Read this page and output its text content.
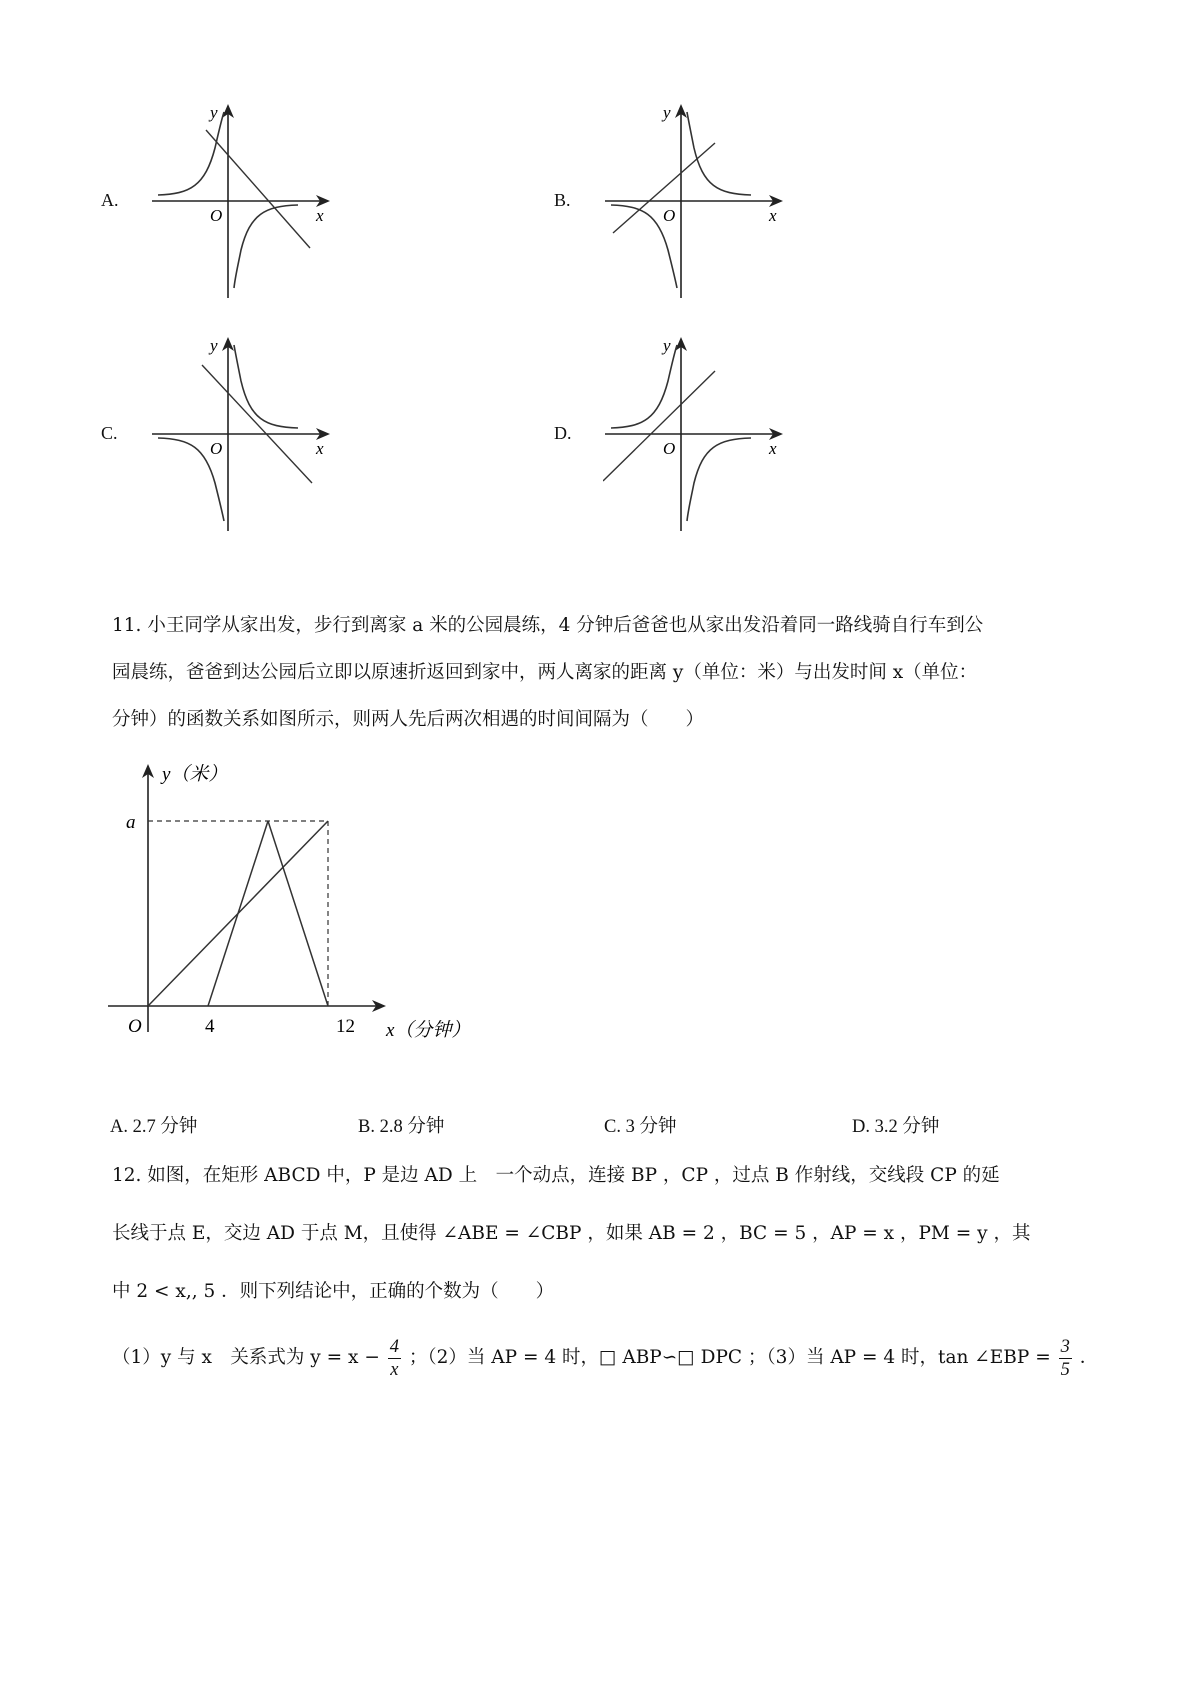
A.	B.
C.	D.
y
x
O
y
x
O
y
x
O
y
x
O
11. 小王同学从家出发，步行到离家 a 米的公园晨练，4 分钟后爸爸也从家出发沿着同一路线骑自行车到公
园晨练，爸爸到达公园后立即以原速折返回到家中，两人离家的距离 y（单位：米）与出发时间 x（单位：
分钟）的函数关系如图所示，则两人先后两次相遇的时间间隔为（　　）
y（米）
x（分钟）
O
a
4	12
A. 2.7 分钟	B. 2.8 分钟	C. 3 分钟	D. 3.2 分钟
12. 如图，在矩形 ABCD 中，P 是边 AD 上　一个动点，连接 BP ，CP ，过点 B 作射线，交线段 CP 的延
长线于点 E，交边 AD 于点 M，且使得 ∠ABE = ∠CBP ，如果 AB = 2 ，BC = 5 ，AP = x ，PM = y ，其
中 2 < x,, 5 ．则下列结论中，正确的个数为（　　）
（1）y 与 x　关系式为 $y = x - \frac{4}{x}$ ；（2）当 AP = 4 时，□ ABP∽□ DPC ；（3）当 AP = 4 时，tan ∠EBP = $\frac{3}{5}$ ．
